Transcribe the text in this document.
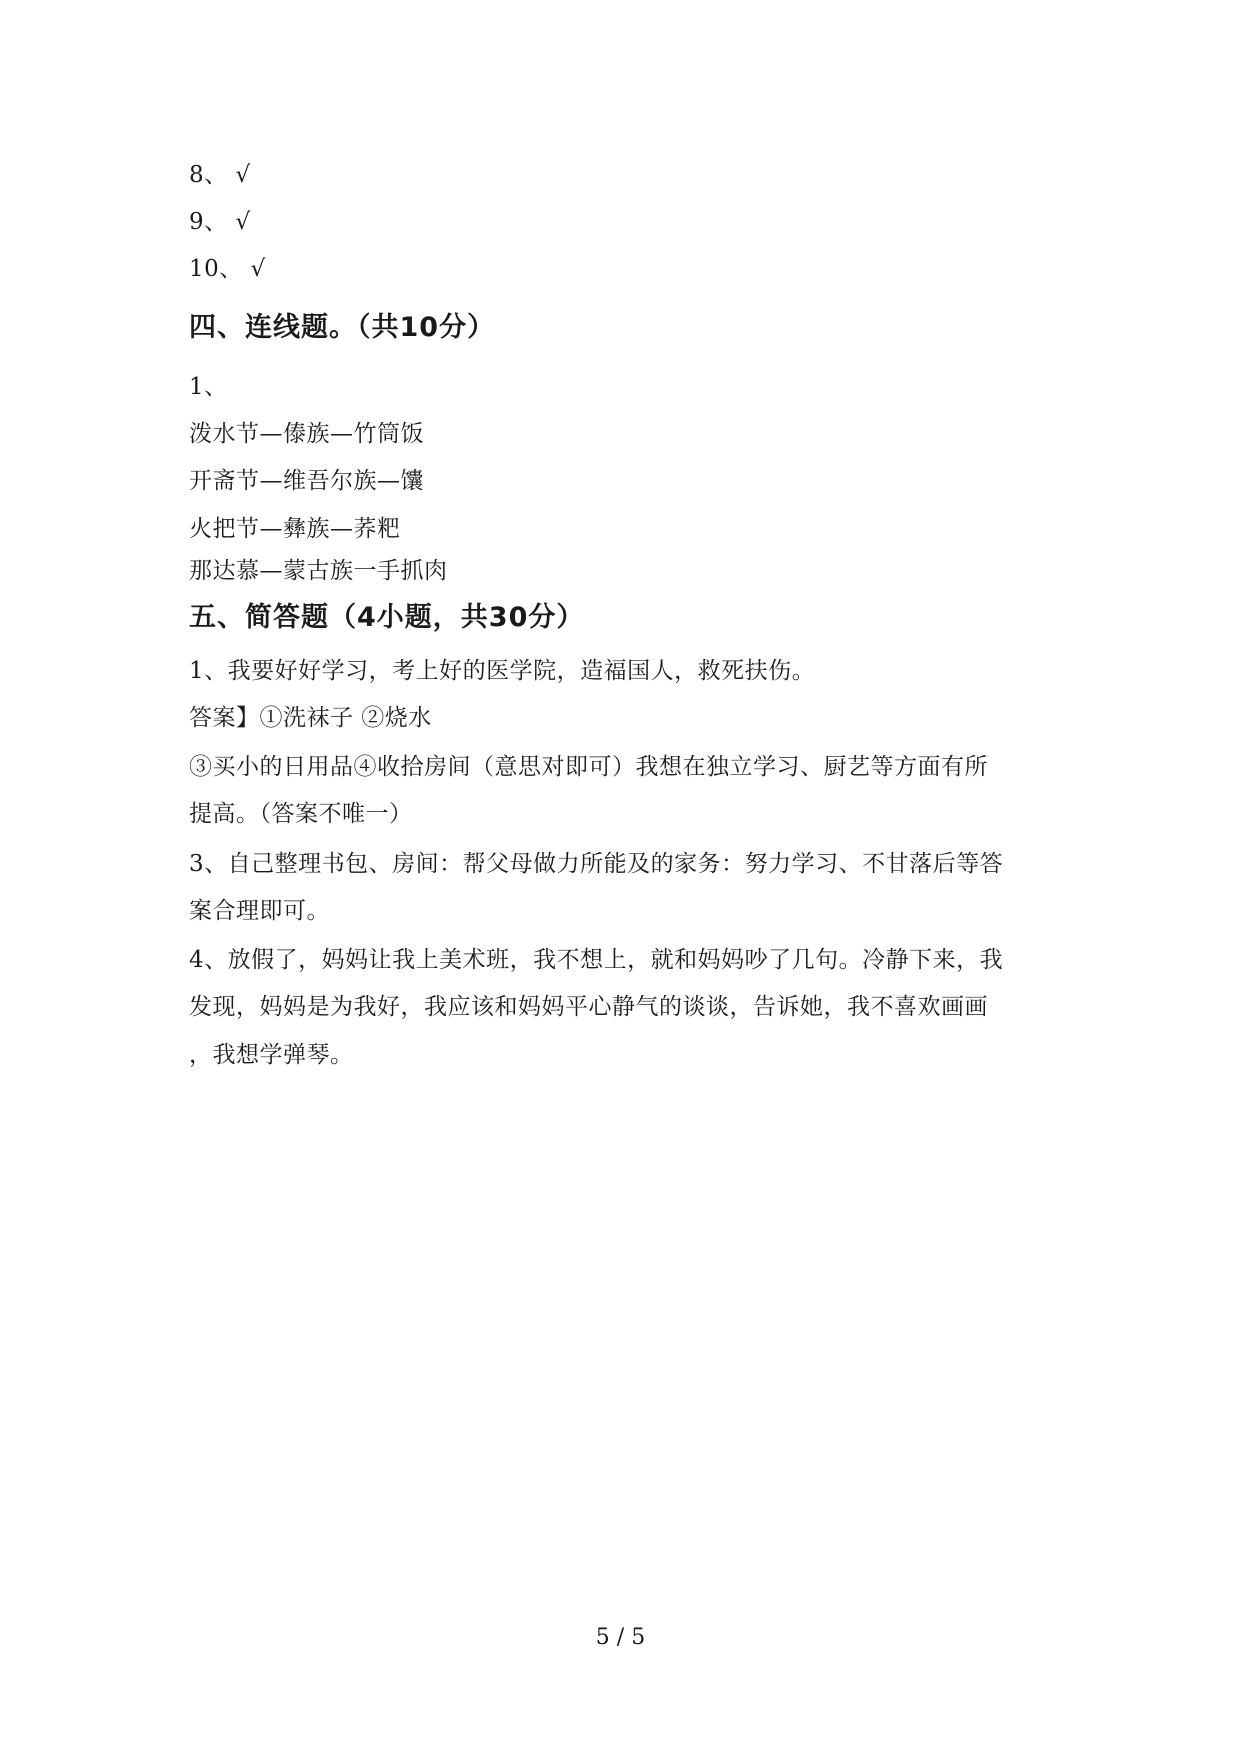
8、 √
9、 √
10、 √
四、连线题。（共10分）
1、
泼水节—傣族—竹筒饭
开斋节—维吾尔族—馕
火把节—彝族—荞粑
那达慕—蒙古族一手抓肉
五、简答题（4小题，共30分）
1、我要好好学习，考上好的医学院，造福国人，救死扶伤。
答案】①洗袜子 ②烧水
③买小的日用品④收拾房间（意思对即可）我想在独立学习、厨艺等方面有所
提高。（答案不唯一）
3、自己整理书包、房间：帮父母做力所能及的家务：努力学习、不甘落后等答
案合理即可。
4、放假了，妈妈让我上美术班，我不想上，就和妈妈吵了几句。冷静下来，我
发现，妈妈是为我好，我应该和妈妈平心静气的谈谈，告诉她，我不喜欢画画
，我想学弹琴。
5 / 5
